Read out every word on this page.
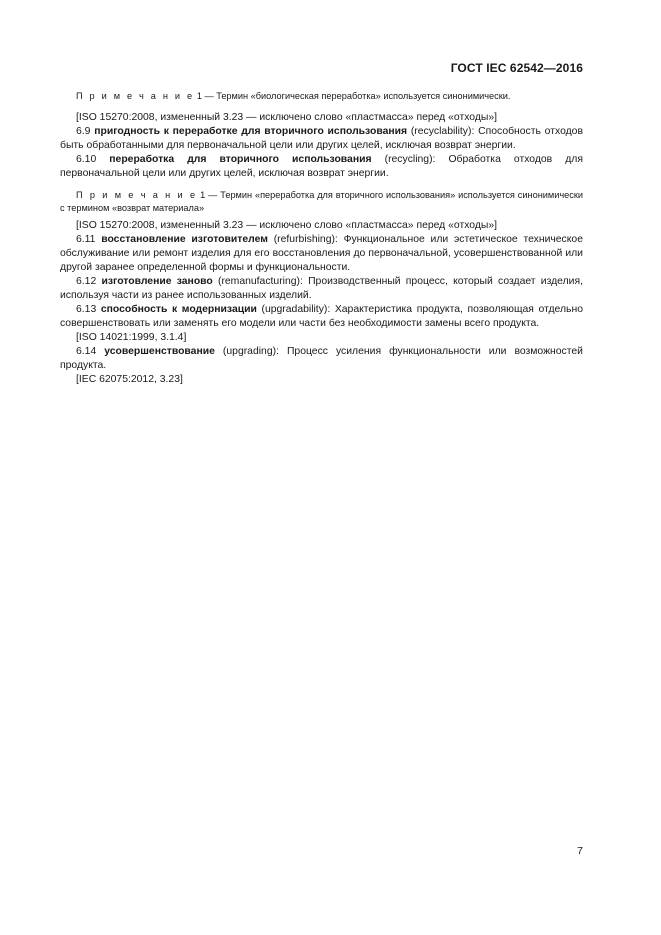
ГОСТ IEC 62542—2016

П р и м е ч а н и е 1 — Термин «биологическая переработка» используется синонимически.

[ISO 15270:2008, измененный 3.23 — исключено слово «пластмасса» перед «отходы»]

6.9 пригодность к переработке для вторичного использования (recyclability): Способность отходов быть обработанными для первоначальной цели или других целей, исключая возврат энергии.

6.10 переработка для вторичного использования (recycling): Обработка отходов для первоначальной цели или других целей, исключая возврат энергии.

П р и м е ч а н и е 1 — Термин «переработка для вторичного использования» используется синонимически с термином «возврат материала»

[ISO 15270:2008, измененный 3.23 — исключено слово «пластмасса» перед «отходы»]

6.11 восстановление изготовителем (refurbishing): Функциональное или эстетическое техническое обслуживание или ремонт изделия для его восстановления до первоначальной, усовершенствованной или другой заранее определенной формы и функциональности.

6.12 изготовление заново (remanufacturing): Производственный процесс, который создает изделия, используя части из ранее использованных изделий.

6.13 способность к модернизации (upgradability): Характеристика продукта, позволяющая отдельно совершенствовать или заменять его модели или части без необходимости замены всего продукта.

[ISO 14021:1999, 3.1.4]

6.14 усовершенствование (upgrading): Процесс усиления функциональности или возможностей продукта.

[IEC 62075:2012, 3.23]

7
